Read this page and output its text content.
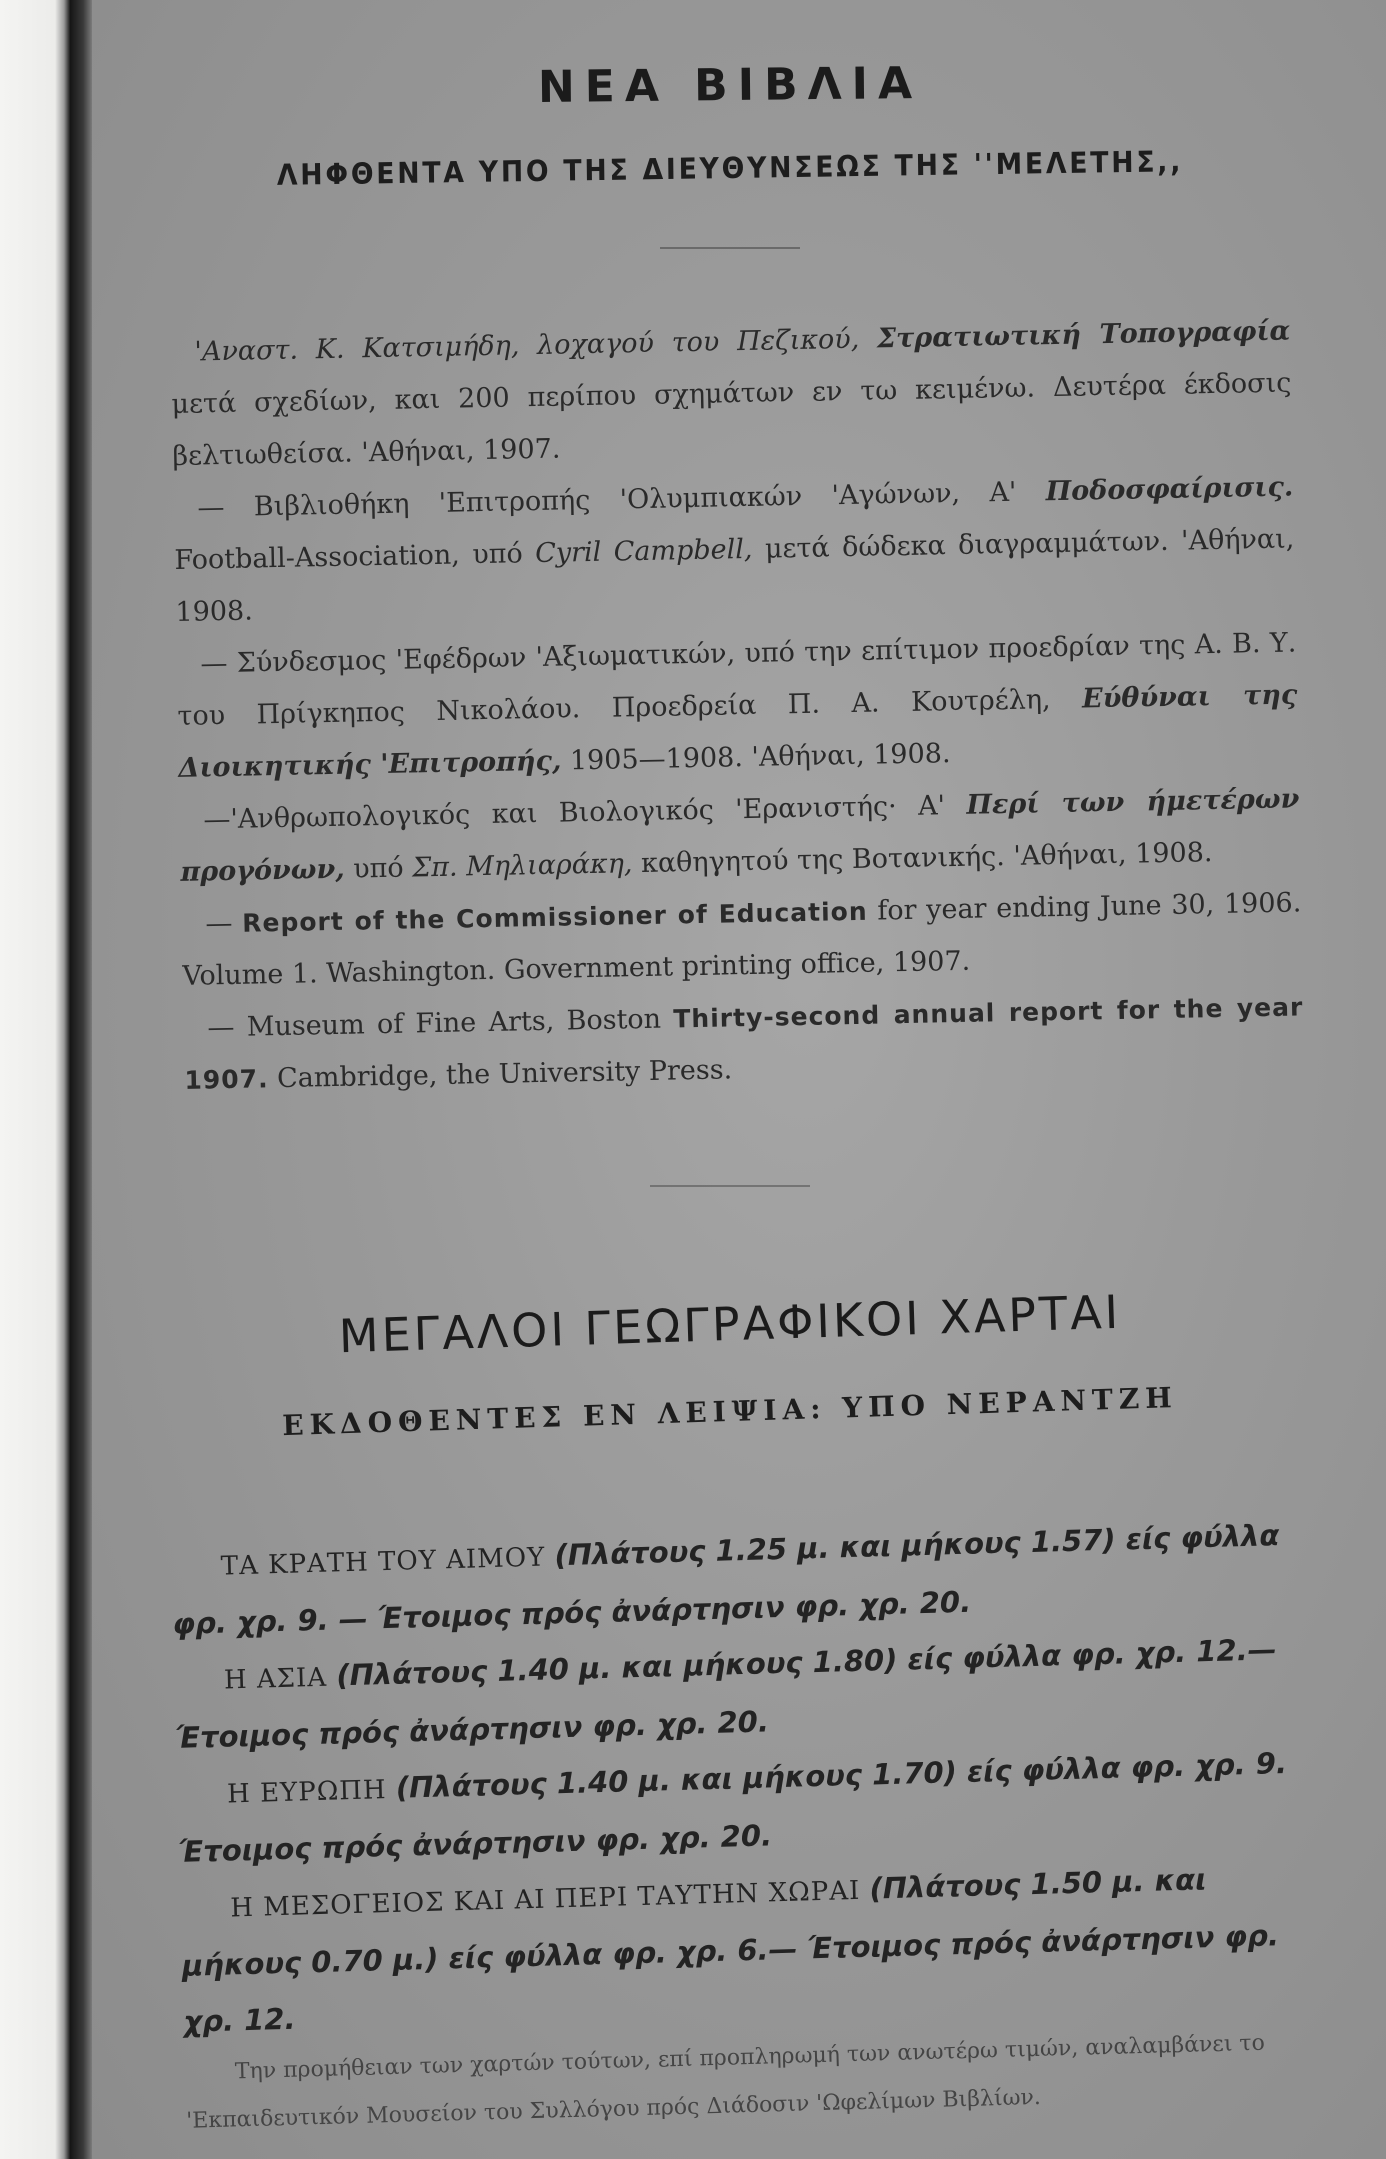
ΝΕΑ ΒΙΒΛΙΑ
ΛΗΦΘΕΝΤΑ ΥΠΟ ΤΗΣ ΔΙΕΥΘΥΝΣΕΩΣ ΤΗΣ ''ΜΕΛΕΤΗΣ,,

'Αναστ. Κ. Κατσιμήδη, λοχαγού του Πεζικού, Στρατιωτική Τοπογραφία μετά σχεδίων, και 200 περίπου σχημάτων εν τω κειμένω. Δευτέρα έκδοσις βελτιωθείσα. 'Αθήναι, 1907.

— Βιβλιοθήκη 'Επιτροπής 'Ολυμπιακών 'Αγώνων, Α' Ποδοσφαίρισις. Football-Association, υπό Cyril Campbell, μετά δώδεκα διαγραμμάτων. 'Αθήναι, 1908.

— Σύνδεσμος 'Εφέδρων 'Αξιωματικών, υπό την επίτιμον προεδρίαν της Α. Β. Υ. του Πρίγκηπος Νικολάου. Προεδρεία Π. Α. Κουτρέλη, Εύθύναι της Διοικητικής 'Επιτροπής, 1905—1908. 'Αθήναι, 1908.

—'Ανθρωπολογικός και Βιολογικός 'Ερανιστής· Α' Περί των ήμετέρων προγόνων, υπό Σπ. Μηλιαράκη, καθηγητού της Βοτανικής. 'Αθήναι, 1908.

— Report of the Commissioner of Education for year ending June 30, 1906. Volume 1. Washington. Government printing office, 1907.

— Museum of Fine Arts, Boston Thirty-second annual report for the year 1907. Cambridge, the University Press.

ΜΕΓΑΛΟΙ ΓΕΩΓΡΑΦΙΚΟΙ ΧΑΡΤΑΙ
ΕΚΔΟΘΕΝΤΕΣ ΕΝ ΛΕΙΨΙΑ: ΥΠΟ ΝΕΡΑΝΤΖΗ

ΤΑ ΚΡΑΤΗ ΤΟΥ ΑΙΜΟΥ (Πλάτους 1.25 μ. και μήκους 1.57) είς φύλλα φρ. χρ. 9. — Έτοιμος πρός ἀνάρτησιν φρ. χρ. 20.

Η ΑΣΙΑ (Πλάτους 1.40 μ. και μήκους 1.80) είς φύλλα φρ. χρ. 12.— Έτοιμος πρός ἀνάρτησιν φρ. χρ. 20.

Η ΕΥΡΩΠΗ (Πλάτους 1.40 μ. και μήκους 1.70) είς φύλλα φρ. χρ. 9. Έτοιμος πρός ἀνάρτησιν φρ. χρ. 20.

Η ΜΕΣΟΓΕΙΟΣ ΚΑΙ ΑΙ ΠΕΡΙ ΤΑΥΤΗΝ ΧΩΡΑΙ (Πλάτους 1.50 μ. και μήκους 0.70 μ.) είς φύλλα φρ. χρ. 6.— Έτοιμος πρός ἀνάρτησιν φρ. χρ. 12.

Την προμήθειαν των χαρτών τούτων, επί προπληρωμή των ανωτέρω τιμών, αναλαμβάνει το 'Εκπαιδευτικόν Μουσείον του Συλλόγου πρός Διάδοσιν 'Ωφελίμων Βιβλίων.
